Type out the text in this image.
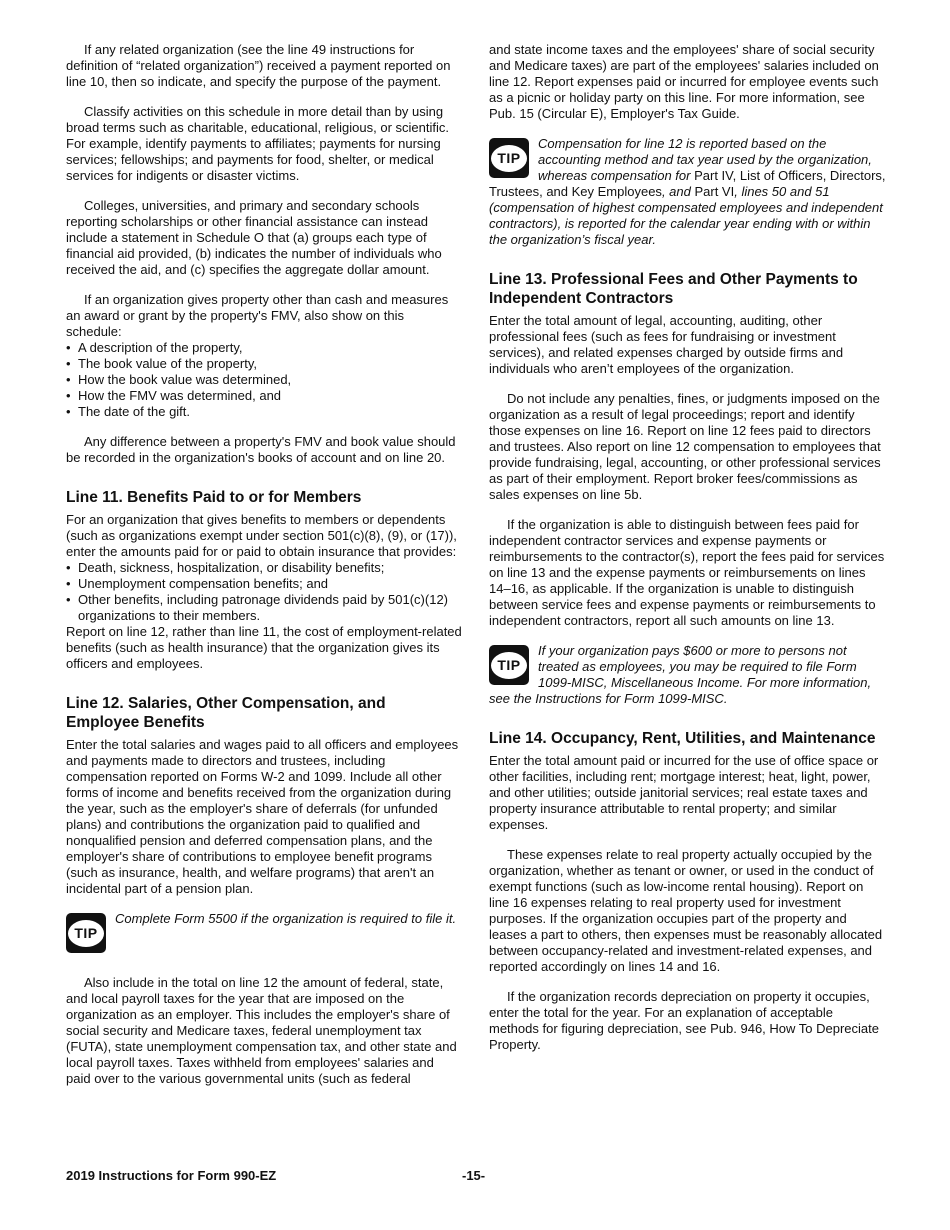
If any related organization (see the line 49 instructions for definition of “related organization”) received a payment reported on line 10, then so indicate, and specify the purpose of the payment.

Classify activities on this schedule in more detail than by using broad terms such as charitable, educational, religious, or scientific. For example, identify payments to affiliates; payments for nursing services; fellowships; and payments for food, shelter, or medical services for indigents or disaster victims.

Colleges, universities, and primary and secondary schools reporting scholarships or other financial assistance can instead include a statement in Schedule O that (a) groups each type of financial aid provided, (b) indicates the number of individuals who received the aid, and (c) specifies the aggregate dollar amount.

If an organization gives property other than cash and measures an award or grant by the property's FMV, also show on this schedule:

• A description of the property,
• The book value of the property,
• How the book value was determined,
• How the FMV was determined, and
• The date of the gift.

Any difference between a property's FMV and book value should be recorded in the organization's books of account and on line 20.

Line 11. Benefits Paid to or for Members

For an organization that gives benefits to members or dependents (such as organizations exempt under section 501(c)(8), (9), or (17)), enter the amounts paid for or paid to obtain insurance that provides:

• Death, sickness, hospitalization, or disability benefits;
• Unemployment compensation benefits; and
• Other benefits, including patronage dividends paid by 501(c)(12) organizations to their members.

Report on line 12, rather than line 11, the cost of employment-related benefits (such as health insurance) that the organization gives its officers and employees.

Line 12. Salaries, Other Compensation, and Employee Benefits

Enter the total salaries and wages paid to all officers and employees and payments made to directors and trustees, including compensation reported on Forms W-2 and 1099. Include all other forms of income and benefits received from the organization during the year, such as the employer's share of deferrals (for unfunded plans) and contributions the organization paid to qualified and nonqualified pension and deferred compensation plans, and the employer's share of contributions to employee benefit programs (such as insurance, health, and welfare programs) that aren't an incidental part of a pension plan.

TIP
Complete Form 5500 if the organization is required to file it.

Also include in the total on line 12 the amount of federal, state, and local payroll taxes for the year that are imposed on the organization as an employer. This includes the employer's share of social security and Medicare taxes, federal unemployment tax (FUTA), state unemployment compensation tax, and other state and local payroll taxes. Taxes withheld from employees' salaries and paid over to the various governmental units (such as federal

and state income taxes and the employees' share of social security and Medicare taxes) are part of the employees' salaries included on line 12. Report expenses paid or incurred for employee events such as a picnic or holiday party on this line. For more information, see Pub. 15 (Circular E), Employer's Tax Guide.

TIP
Compensation for line 12 is reported based on the accounting method and tax year used by the organization, whereas compensation for Part IV, List of Officers, Directors, Trustees, and Key Employees, and Part VI, lines 50 and 51 (compensation of highest compensated employees and independent contractors), is reported for the calendar year ending with or within the organization’s fiscal year.
Line 13. Professional Fees and Other Payments to Independent Contractors

Enter the total amount of legal, accounting, auditing, other professional fees (such as fees for fundraising or investment services), and related expenses charged by outside firms and individuals who aren’t employees of the organization.

Do not include any penalties, fines, or judgments imposed on the organization as a result of legal proceedings; report and identify those expenses on line 16. Report on line 12 fees paid to directors and trustees. Also report on line 12 compensation to employees that provide fundraising, legal, accounting, or other professional services as part of their employment. Report broker fees/commissions as sales expenses on line 5b.

If the organization is able to distinguish between fees paid for independent contractor services and expense payments or reimbursements to the contractor(s), report the fees paid for services on line 13 and the expense payments or reimbursements on lines 14–16, as applicable. If the organization is unable to distinguish between service fees and expense payments or reimbursements to independent contractors, report all such amounts on line 13.

TIP
If your organization pays $600 or more to persons not treated as employees, you may be required to file Form 1099-MISC, Miscellaneous Income. For more information, see the Instructions for Form 1099-MISC.
Line 14. Occupancy, Rent, Utilities, and Maintenance

Enter the total amount paid or incurred for the use of office space or other facilities, including rent; mortgage interest; heat, light, power, and other utilities; outside janitorial services; real estate taxes and property insurance attributable to rental property; and similar expenses.

These expenses relate to real property actually occupied by the organization, whether as tenant or owner, or used in the conduct of exempt functions (such as low-income rental housing). Report on line 16 expenses relating to real property used for investment purposes. If the organization occupies part of the property and leases a part to others, then expenses must be reasonably allocated between occupancy-related and investment-related expenses, and reported accordingly on lines 14 and 16.

If the organization records depreciation on property it occupies, enter the total for the year. For an explanation of acceptable methods for figuring depreciation, see Pub. 946, How To Depreciate Property.

2019 Instructions for Form 990-EZ	-15-
